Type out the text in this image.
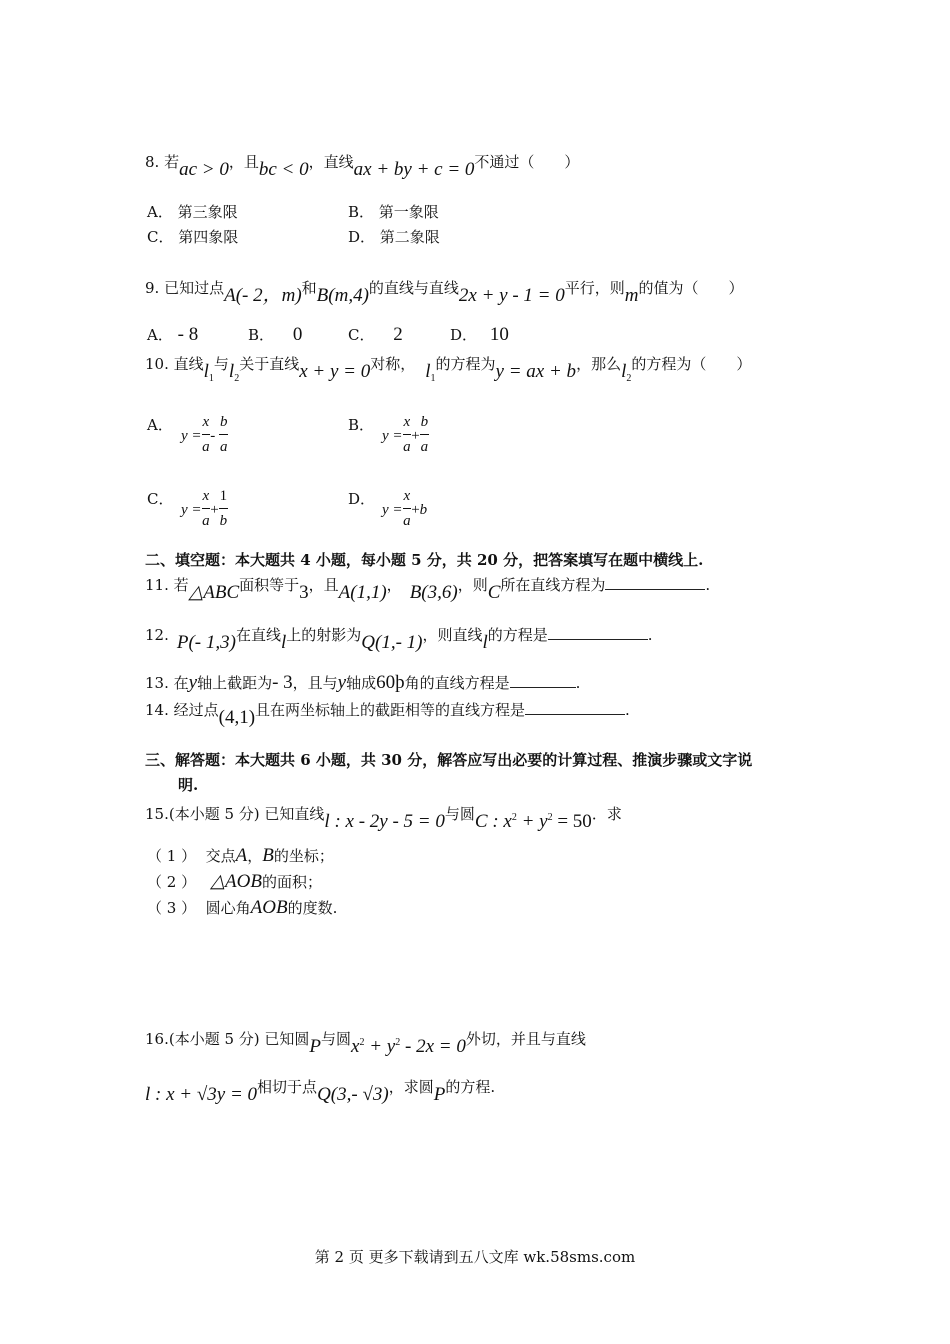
8. 若ac > 0，且bc < 0，直线ax + by + c = 0不通过（　　）
A． 第三象限	B． 第一象限
C． 第四象限	D． 第二象限
9. 已知过点A(- 2，m)和B(m,4)的直线与直线2x + y - 1 = 0平行，则m的值为（　　）
A． - 8	B． 0	C． 2	D． 10
10. 直线$l_1$与$l_2$关于直线x + y = 0对称， $l_1$的方程为y = ax + b，那么$l_2$的方程为（　　）
A．
$y = \frac{x}{a} - \frac{b}{a}$	B．
$y = \frac{x}{a} + \frac{b}{a}$
C．
$y = \frac{x}{a} + \frac{1}{b}$	D．
$y = \frac{x}{a} +b$
二、填空题：本大题共 4 小题，每小题 5 分，共 20 分，把答案填写在题中横线上.
11. 若△ABC面积等于3，且A(1,1)， B(3,6)，则C所在直线方程为	.
12. P(- 1,3)在直线l上的射影为Q(1,- 1)，则直线l的方程是	.
13. 在y轴上截距为- 3，且与y轴成60þ角的直线方程是	.
14. 经过点(4,1)且在两坐标轴上的截距相等的直线方程是	.
三、解答题：本大题共 6 小题，共 30 分，解答应写出必要的计算过程、推演步骤或文字说
明.
15.(本小题 5 分) 已知直线l : x - 2y - 5 = 0与圆C : $x^2 + y^2 = 50$．求
（ 1 ） 交点A，B的坐标；
（ 2 ） △AOB的面积；
（ 3 ） 圆心角AOB的度数.
16.(本小题 5 分) 已知圆P与圆$x^2 + y^2 - 2x = 0$外切，并且与直线
l : x + √3y = 0相切于点Q(3,- √3)，求圆P的方程.
第 2 页 更多下载请到五八文库 wk.58sms.com
